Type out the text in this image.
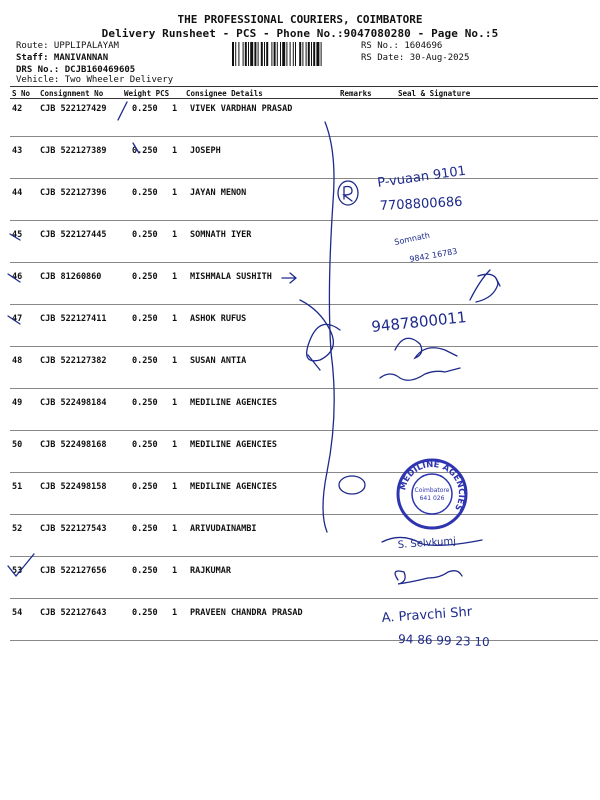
THE PROFESSIONAL COURIERS, COIMBATORE
Delivery Runsheet - PCS - Phone No.:9047080280 - Page No.:5
Route: UPPLIPALAYAM
Staff: MANIVANNAN
DRS No.: DCJB160469605
Vehicle: Two Wheeler Delivery
RS No.: 1604696
RS Date: 30-Aug-2025
S No Consignment No	Weight PCS Consignee Details	Remarks	Seal & Signature
42 CJB 522127429	0.250 1 VIVEK VARDHAN PRASAD
43 CJB 522127389	0.250 1 JOSEPH
44 CJB 522127396	0.250 1 JAYAN MENON
45 CJB 522127445	0.250 1 SOMNATH IYER
46 CJB 81260860	0.250 1 MISHMALA SUSHITH
47 CJB 522127411	0.250 1 ASHOK RUFUS
48 CJB 522127382	0.250 1 SUSAN ANTIA
49 CJB 522498184	0.250 1 MEDILINE AGENCIES
50 CJB 522498168	0.250 1 MEDILINE AGENCIES
51 CJB 522498158	0.250 1 MEDILINE AGENCIES
52 CJB 522127543	0.250 1 ARIVUDAINAMBI
53 CJB 522127656	0.250 1 RAJKUMAR
54 CJB 522127643	0.250 1 PRAVEEN CHANDRA PRASAD
MEDILINE AGENCIES
Coimbatore
641 026
P-vuaan 9101
7708800686
Somnath
9842 16783
9487800011
S. Selvkumj
A. Pravchi Shr
94 86 99 23 10
